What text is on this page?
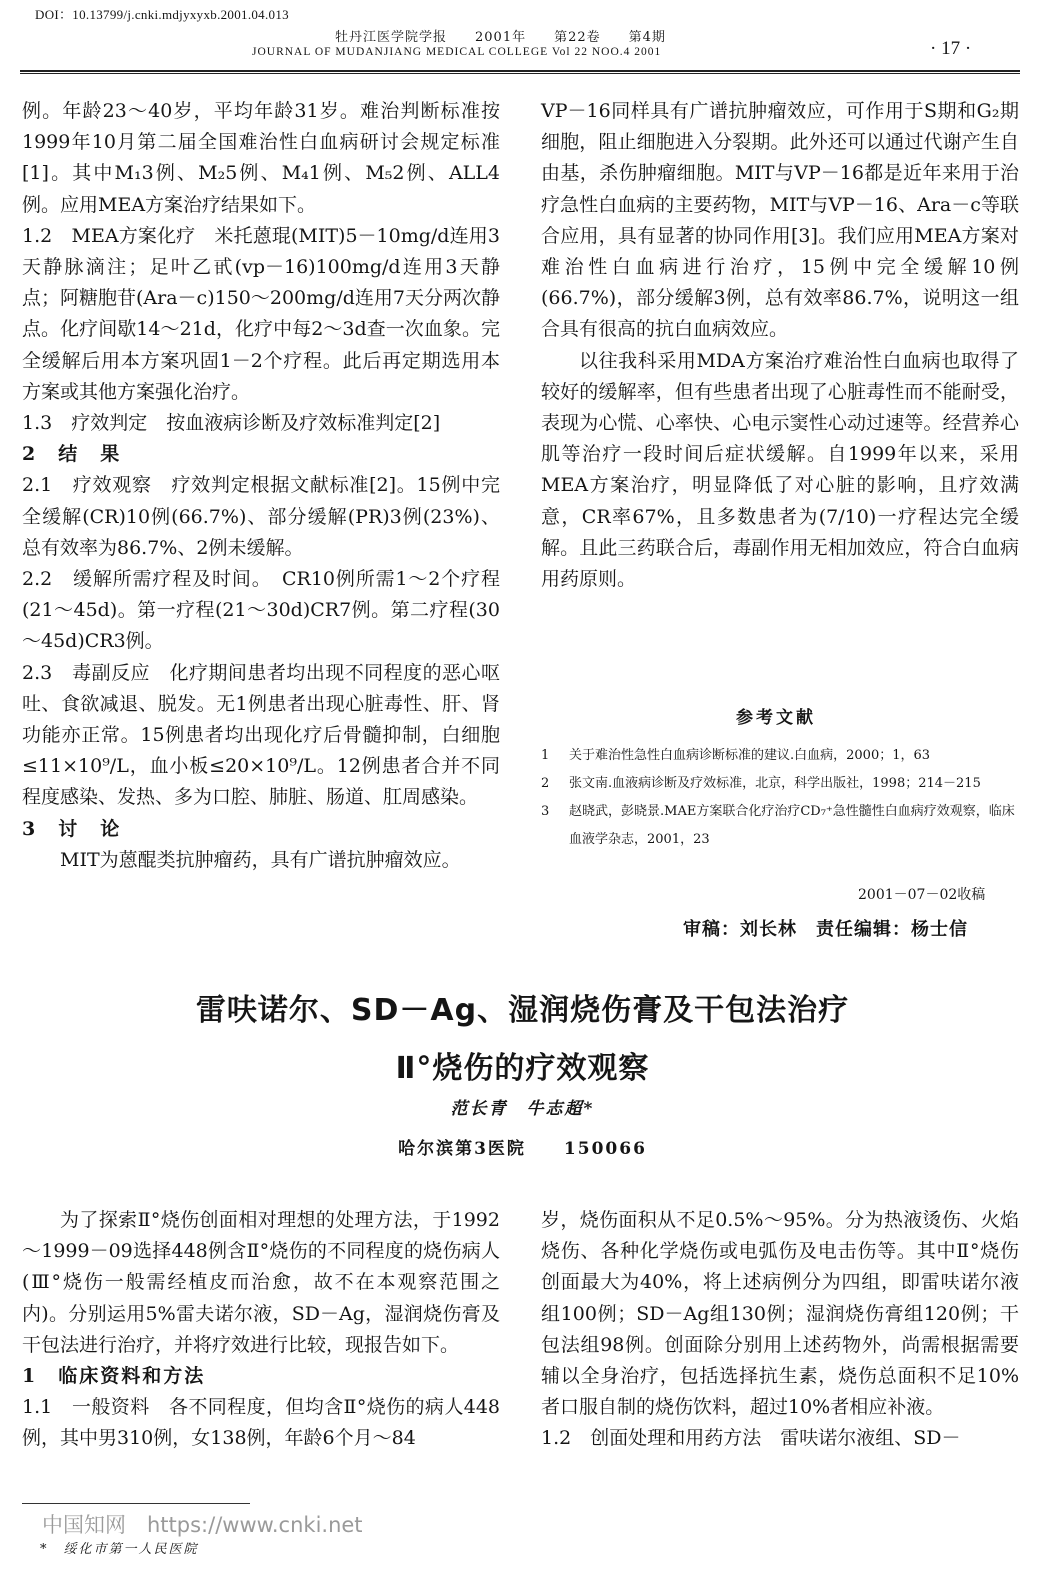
DOI：10.13799/j.cnki.mdjyxyxb.2001.04.013
牡丹江医学院学报　　2001年　　第22卷　　第4期
JOURNAL OF MUDANJIANG MEDICAL COLLEGE Vol 22 NOO.4 2001	· 17 ·

例。年龄23～40岁，平均年龄31岁。难治判断标准按1999年10月第二届全国难治性白血病研讨会规定标准[1]。其中M₁3例、M₂5例、M₄1例、M₅2例、ALL4例。应用MEA方案治疗结果如下。

1.2　MEA方案化疗　米托蒽琨(MIT)5－10mg/d连用3天静脉滴注；足叶乙甙(vp－16)100mg/d连用3天静点；阿糖胞苷(Ara－c)150～200mg/d连用7天分两次静点。化疗间歇14～21d，化疗中每2～3d查一次血象。完全缓解后用本方案巩固1－2个疗程。此后再定期选用本方案或其他方案强化治疗。

1.3　疗效判定　按血液病诊断及疗效标准判定[2]

2　结　果

2.1　疗效观察　疗效判定根据文献标准[2]。15例中完全缓解(CR)10例(66.7%)、部分缓解(PR)3例(23%)、总有效率为86.7%、2例未缓解。

2.2　缓解所需疗程及时间。　CR10例所需1～2个疗程(21～45d)。第一疗程(21～30d)CR7例。第二疗程(30～45d)CR3例。

2.3　毒副反应　化疗期间患者均出现不同程度的恶心呕吐、食欲减退、脱发。无1例患者出现心脏毒性、肝、肾功能亦正常。15例患者均出现化疗后骨髓抑制，白细胞≤11×10⁹/L，血小板≤20×10⁹/L。12例患者合并不同程度感染、发热、多为口腔、肺脏、肠道、肛周感染。

3　讨　论

MIT为蒽醌类抗肿瘤药，具有广谱抗肿瘤效应。

VP－16同样具有广谱抗肿瘤效应，可作用于S期和G₂期细胞，阻止细胞进入分裂期。此外还可以通过代谢产生自由基，杀伤肿瘤细胞。MIT与VP－16都是近年来用于治疗急性白血病的主要药物，MIT与VP－16、Ara－c等联合应用，具有显著的协同作用[3]。我们应用MEA方案对难治性白血病进行治疗，15例中完全缓解10例(66.7%)，部分缓解3例，总有效率86.7%，说明这一组合具有很高的抗白血病效应。

以往我科采用MDA方案治疗难治性白血病也取得了较好的缓解率，但有些患者出现了心脏毒性而不能耐受，表现为心慌、心率快、心电示窦性心动过速等。经营养心肌等治疗一段时间后症状缓解。自1999年以来，采用MEA方案治疗，明显降低了对心脏的影响，且疗效满意，CR率67%，且多数患者为(7/10)一疗程达完全缓解。且此三药联合后，毒副作用无相加效应，符合白血病用药原则。

参考文献
1 关于难治性急性白血病诊断标准的建议.白血病，2000；1，63
2 张文南.血液病诊断及疗效标准，北京，科学出版社，1998；214－215
3 赵晓武，彭晓景.MAE方案联合化疗治疗CD₇⁺急性髓性白血病疗效观察，临床血液学杂志，2001，23
2001－07－02收稿
审稿：刘长林　责任编辑：杨士信
雷呋诺尔、SD－Ag、湿润烧伤膏及干包法治疗
Ⅱ°烧伤的疗效观察
范长青　牛志超*
哈尔滨第3医院　　150066

为了探索Ⅱ°烧伤创面相对理想的处理方法，于1992～1999－09选择448例含Ⅱ°烧伤的不同程度的烧伤病人(Ⅲ°烧伤一般需经植皮而治愈，故不在本观察范围之内)。分别运用5%雷夫诺尔液，SD－Ag，湿润烧伤膏及干包法进行治疗，并将疗效进行比较，现报告如下。

1　临床资料和方法

1.1　一般资料　各不同程度，但均含Ⅱ°烧伤的病人448例，其中男310例，女138例，年龄6个月～84

岁，烧伤面积从不足0.5%～95%。分为热液烫伤、火焰烧伤、各种化学烧伤或电弧伤及电击伤等。其中Ⅱ°烧伤创面最大为40%，将上述病例分为四组，即雷呋诺尔液组100例；SD－Ag组130例；湿润烧伤膏组120例；干包法组98例。创面除分别用上述药物外，尚需根据需要辅以全身治疗，包括选择抗生素，烧伤总面积不足10%者口服自制的烧伤饮料，超过10%者相应补液。

1.2　创面处理和用药方法　雷呋诺尔液组、SD－

中国知网　https://www.cnki.net
*　绥化市第一人民医院
